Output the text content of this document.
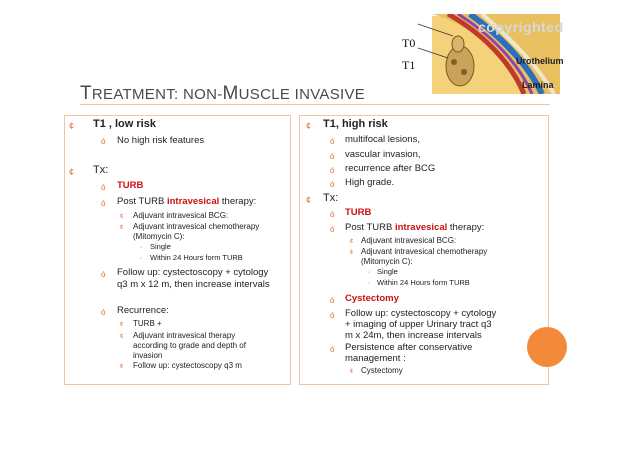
T0
T1	Urothelium
Lamina
copyrighted
TREATMENT: NON-MUSCLE INVASIVE
¢ T1 , low risk
ó No high risk features
¢ Tx:
ó TURB
ó Post TURB intravesical therapy:
¢ Adjuvant intravesical BCG:
¢ Adjuvant intravesical chemotherapy
(Mitomycin C):
◦ Single
◦ Within 24 Hours form TURB
ó Follow up: cystectoscopy + cytology
q3 m x 12 m, then increase intervals
ó Recurrence:
¢ TURB +
¢ Adjuvant intravesical therapy
according to grade and depth of
invasion
¢ Follow up: cystectoscopy q3 m
¢ T1, high risk
ó multifocal lesions,
ó vascular invasion,
ó recurrence after BCG
ó High grade.
¢ Tx:
ó TURB
ó Post TURB intravesical therapy:
¢ Adjuvant intravesical BCG:
¢ Adjuvant intravesical chemotherapy
(Mitomycin C):
◦ Single
◦ Within 24 Hours form TURB
ó Cystectomy
ó Follow up: cystectoscopy + cytology
+ imaging of upper Urinary tract q3
m x 24m, then increase intervals
ó Persistence after conservative
management :
¢ Cystectomy
